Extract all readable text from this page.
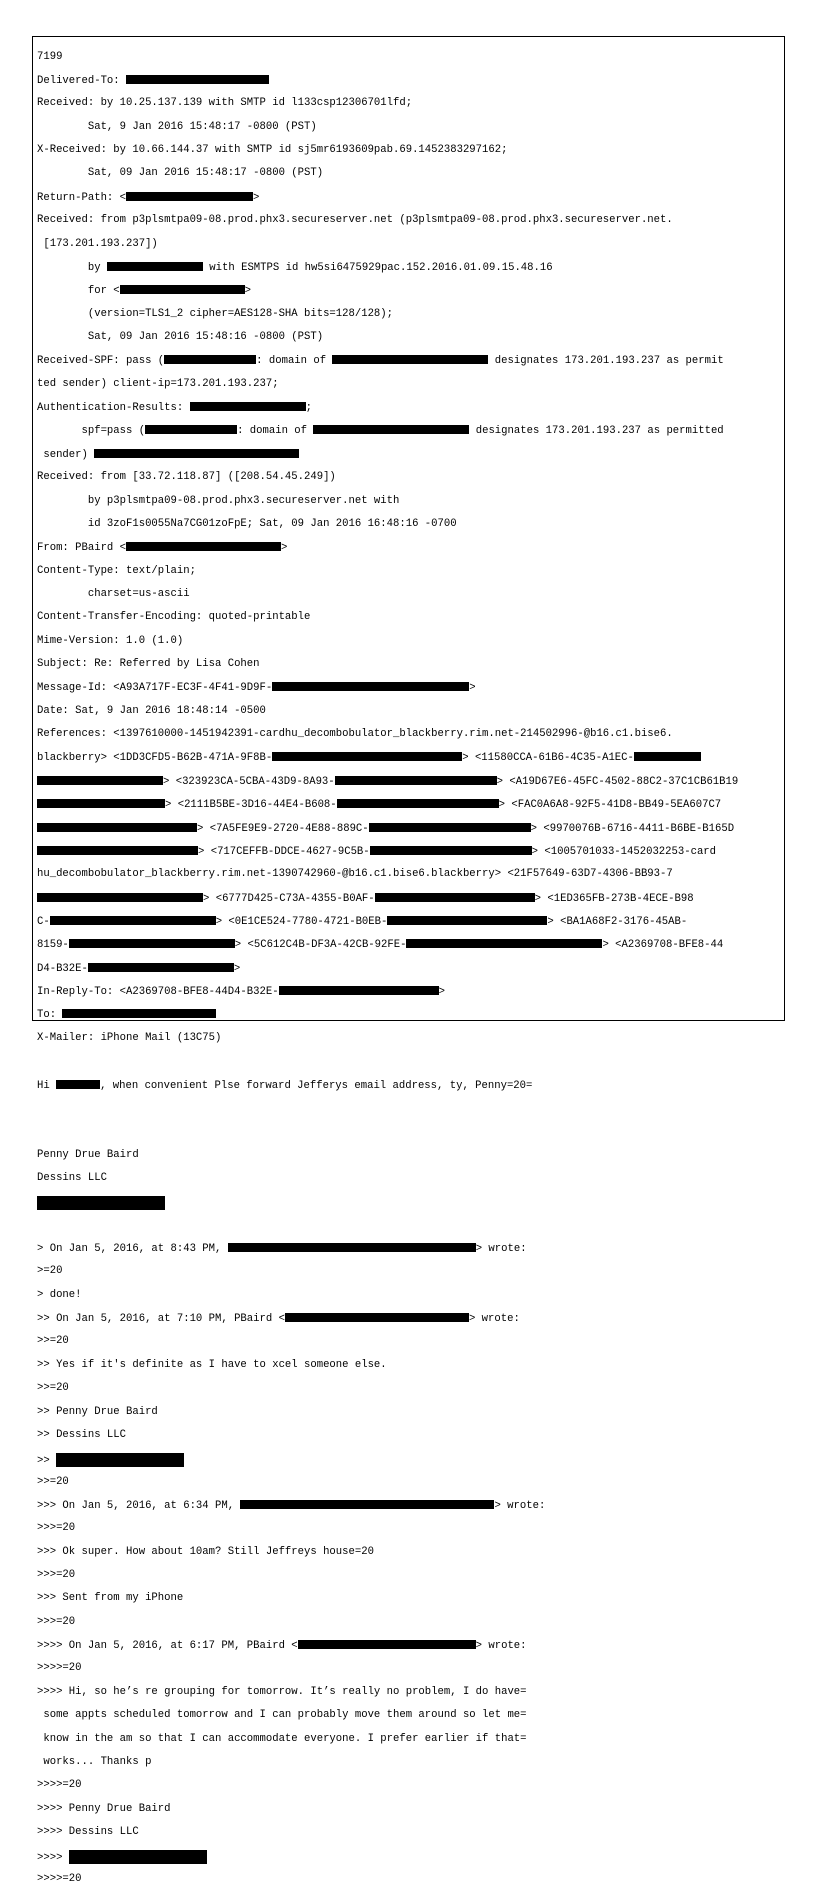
7199

Delivered-To:

Received: by 10.25.137.139 with SMTP id l133csp12306701lfd;

Sat, 9 Jan 2016 15:48:17 -0800 (PST)

X-Received: by 10.66.144.37 with SMTP id sj5mr6193609pab.69.1452383297162;

Sat, 09 Jan 2016 15:48:17 -0800 (PST)

Return-Path: <	>

Received: from p3plsmtpa09-08.prod.phx3.secureserver.net (p3plsmtpa09-08.prod.phx3.secureserver.net.

[173.201.193.237])

by	with ESMTPS id hw5si6475929pac.152.2016.01.09.15.48.16

for <	>

(version=TLS1_2 cipher=AES128-SHA bits=128/128);

Sat, 09 Jan 2016 15:48:16 -0800 (PST)

Received-SPF: pass (	: domain of	designates 173.201.193.237 as permit

ted sender) client-ip=173.201.193.237;

Authentication-Results:	;

spf=pass (	: domain of	designates 173.201.193.237 as permitted

sender)

Received: from [33.72.118.87] ([208.54.45.249])

by p3plsmtpa09-08.prod.phx3.secureserver.net with

id 3zoF1s0055Na7CG01zoFpE; Sat, 09 Jan 2016 16:48:16 -0700

From: PBaird <	>

Content-Type: text/plain;

charset=us-ascii

Content-Transfer-Encoding: quoted-printable

Mime-Version: 1.0 (1.0)

Subject: Re: Referred by Lisa Cohen

Message-Id: <A93A717F-EC3F-4F41-9D9F-	>

Date: Sat, 9 Jan 2016 18:48:14 -0500

References: <1397610000-1451942391-cardhu_decombobulator_blackberry.rim.net-214502996-@b16.c1.bise6.

blackberry> <1DD3CFD5-B62B-471A-9F8B-	> <11580CCA-61B6-4C35-A1EC-

> <323923CA-5CBA-43D9-8A93-	> <A19D67E6-45FC-4502-88C2-37C1CB61B19

> <2111B5BE-3D16-44E4-B608-	> <FAC0A6A8-92F5-41D8-BB49-5EA607C7

> <7A5FE9E9-2720-4E88-889C-	> <9970076B-6716-4411-B6BE-B165D

> <717CEFFB-DDCE-4627-9C5B-	> <1005701033-1452032253-card

hu_decombobulator_blackberry.rim.net-1390742960-@b16.c1.bise6.blackberry> <21F57649-63D7-4306-BB93-7

> <6777D425-C73A-4355-B0AF-	> <1ED365FB-273B-4ECE-B98

C-	> <0E1CE524-7780-4721-B0EB-	> <BA1A68F2-3176-45AB-

8159-	> <5C612C4B-DF3A-42CB-92FE-	> <A2369708-BFE8-44

D4-B32E-	>

In-Reply-To: <A2369708-BFE8-44D4-B32E-	>

To:

X-Mailer: iPhone Mail (13C75)

Hi	, when convenient Plse forward Jefferys email address, ty, Penny=20=

Penny Drue Baird

Dessins LLC

> On Jan 5, 2016, at 8:43 PM,	> wrote:

>=20

> done!

>> On Jan 5, 2016, at 7:10 PM, PBaird <	> wrote:

>>=20

>> Yes if it's definite as I have to xcel someone else.

>>=20

>> Penny Drue Baird

>> Dessins LLC

>>

>>=20

>>> On Jan 5, 2016, at 6:34 PM,	> wrote:

>>>=20

>>> Ok super. How about 10am? Still Jeffreys house=20

>>>=20

>>> Sent from my iPhone

>>>=20

>>>> On Jan 5, 2016, at 6:17 PM, PBaird <	> wrote:

>>>>=20

>>>> Hi, so he’s re grouping for tomorrow. It’s really no problem, I do have=

some appts scheduled tomorrow and I can probably move them around so let me=

know in the am so that I can accommodate everyone. I prefer earlier if that=

works... Thanks p

>>>>=20

>>>> Penny Drue Baird

>>>> Dessins LLC

>>>>

>>>>=20
